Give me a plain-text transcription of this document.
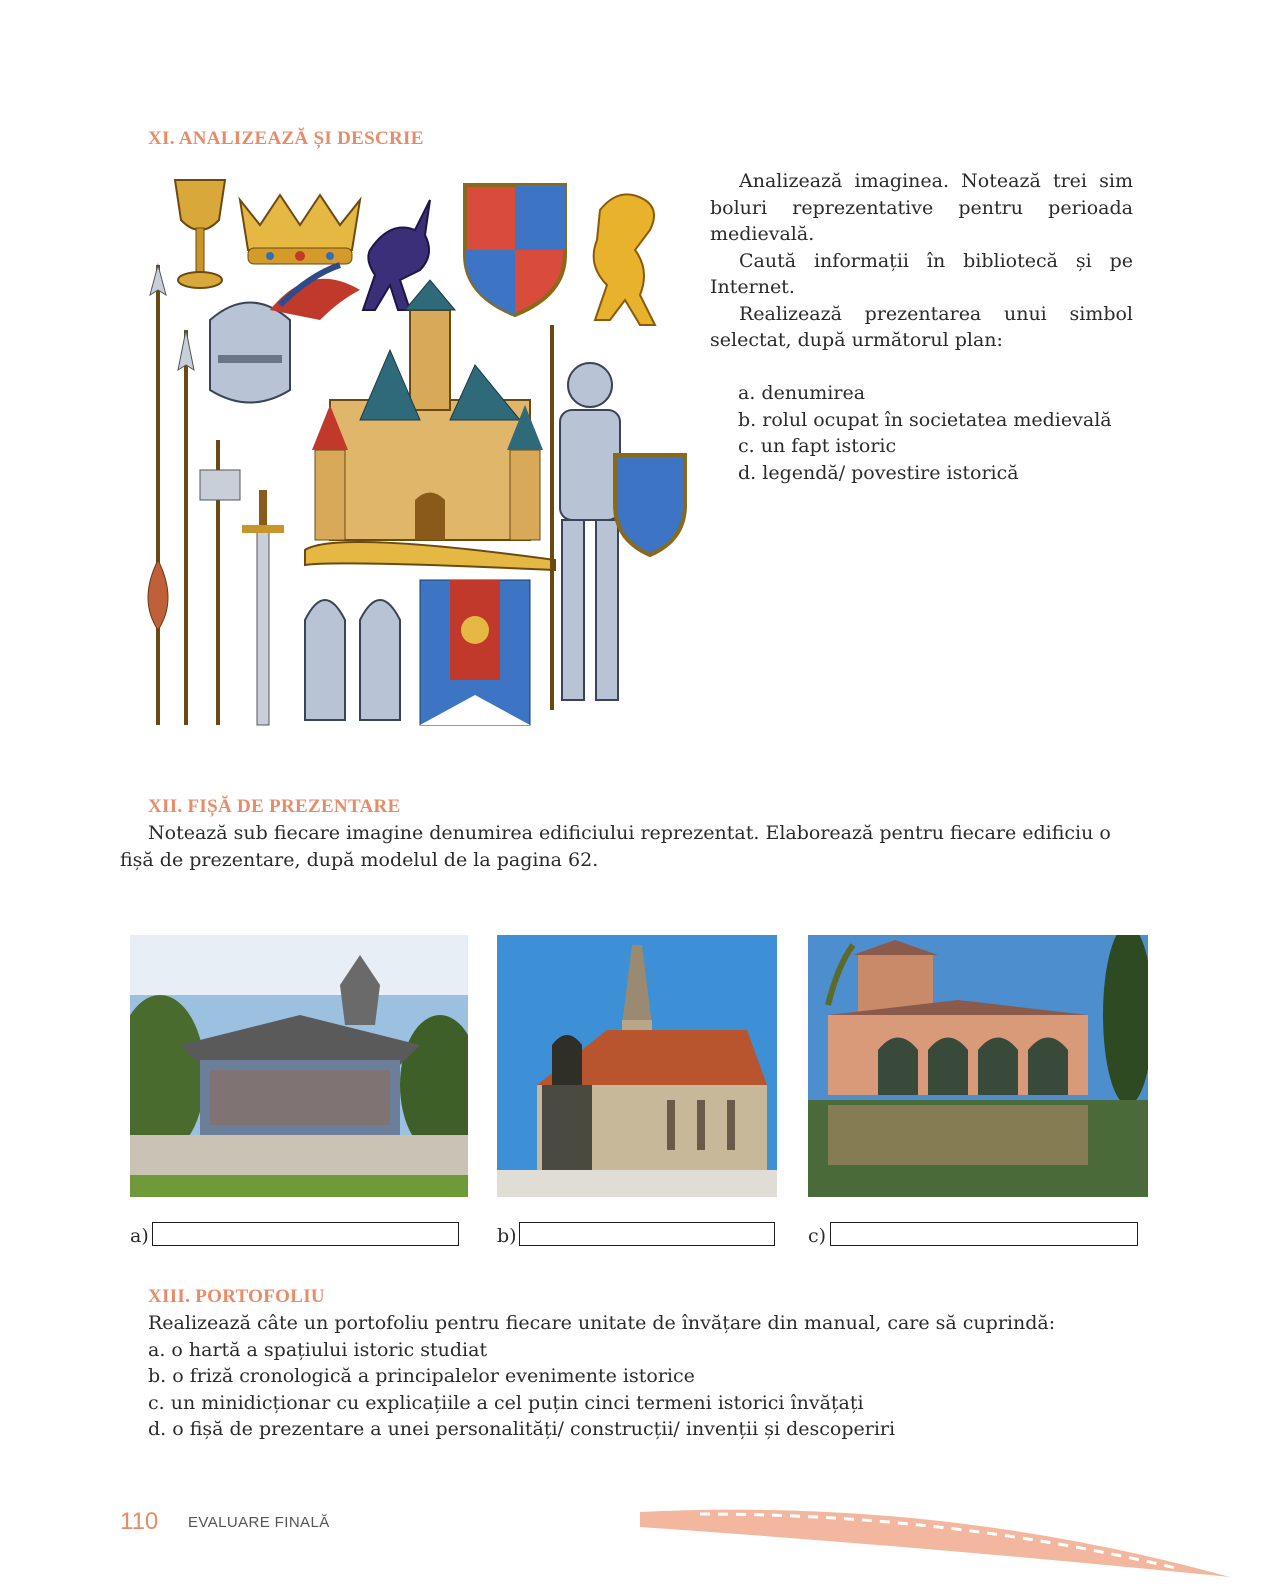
XI. ANALIZEAZĂ ȘI DESCRIE
Analizează imaginea. Notează trei sim boluri reprezentative pentru perioada medievală.
Caută informații în bibliotecă și pe Internet.
Realizează prezentarea unui simbol selectat, după următorul plan:
a. denumirea
b. rolul ocupat în societatea medievală
c. un fapt istoric
d. legendă/ povestire istorică
XII. FIȘĂ DE PREZENTARE
Notează sub fiecare imagine denumirea edificiului reprezentat. Elaborează pentru fiecare edificiu o fișă de prezentare, după modelul de la pagina 62.
a)	b)	c)
XIII. PORTOFOLIU
Realizează câte un portofoliu pentru fiecare unitate de învățare din manual, care să cuprindă:
a. o hartă a spațiului istoric studiat
b. o friză cronologică a principalelor evenimente istorice
c. un minidicționar cu explicațiile a cel puțin cinci termeni istorici învățați
d. o fișă de prezentare a unei personalități/ construcții/ invenții și descoperiri
110 EVALUARE FINALĂ
